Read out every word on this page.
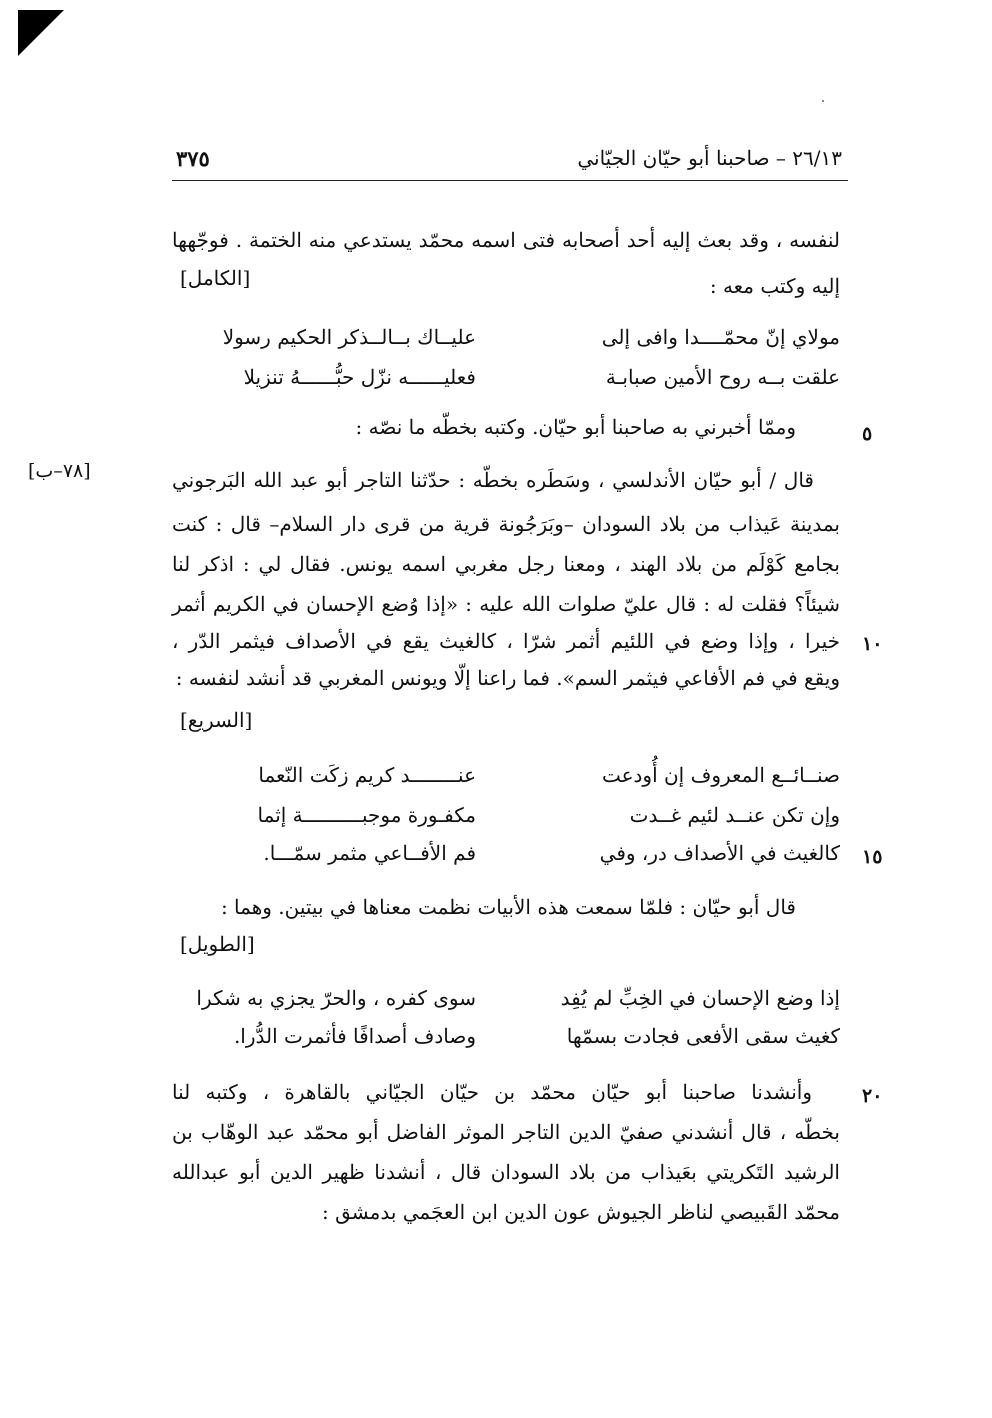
٢٦/١٣ – صاحبنا أبو حيّان الجيّاني
٣٧٥
لنفسه ، وقد بعث إليه أحد أصحابه فتى اسمه محمّد يستدعي منه الختمة . فوجّهها
إليه وكتب معه :
[الكامل]
مولاي إنّ محمّــــدا وافى إلى
عليــاك بــالــذكر الحكيم رسولا
علقت بــه روح الأمين صبابـة
فعليــــــه نزّل حبُّــــــهُ تنزيلا
٥
وممّا أخبرني به صاحبنا أبو حيّان. وكتبه بخطّه ما نصّه :
[٧٨–ب]	قال / أبو حيّان الأندلسي ، وسَطَره بخطّه : حدّثنا التاجر أبو عبد الله البَرجوني
بمدينة عَيذاب من بلاد السودان –وبَرَجُونة قرية من قرى دار السلام– قال : كنت
بجامع كَوْلَم من بلاد الهند ، ومعنا رجل مغربي اسمه يونس. فقال لي : اذكر لنا
شيئاً؟ فقلت له : قال عليّ صلوات الله عليه : «إذا وُضع الإحسان في الكريم أثمر
١٠
خيرا ، وإذا وضع في اللئيم أثمر شرّا ، كالغيث يقع في الأصداف فيثمر الدّر ،
ويقع في فم الأفاعي فيثمر السم». فما راعنا إلّا ويونس المغربي قد أنشد لنفسه :
[السريع]
صنــائــع المعروف إن أُودعت
عنــــــــد كريم زكَت النّعما
وإن تكن عنــد لئيم غــدت
مكفـورة موجبــــــــــة إثما
١٥
كالغيث في الأصداف در، وفي
فم الأفــاعي مثمر سمّـــا.
قال أبو حيّان : فلمّا سمعت هذه الأبيات نظمت معناها في بيتين. وهما :
[الطويل]
إذا وضع الإحسان في الخِبِّ لم يُفِد
سوى كفره ، والحرّ يجزي به شكرا
كغيث سقى الأفعى فجادت بسمّها
وصادف أصدافًا فأثمرت الدُّرا.
٢٠
وأنشدنا صاحبنا أبو حيّان محمّد بن حيّان الجيّاني بالقاهرة ، وكتبه لنا
بخطّه ، قال أنشدني صفيّ الدين التاجر الموثر الفاضل أبو محمّد عبد الوهّاب بن
الرشيد التَكريتي بعَيذاب من بلاد السودان قال ، أنشدنا ظهير الدين أبو عبدالله
محمّد القَبيصي لناظر الجيوش عون الدين ابن العجَمي بدمشق :
